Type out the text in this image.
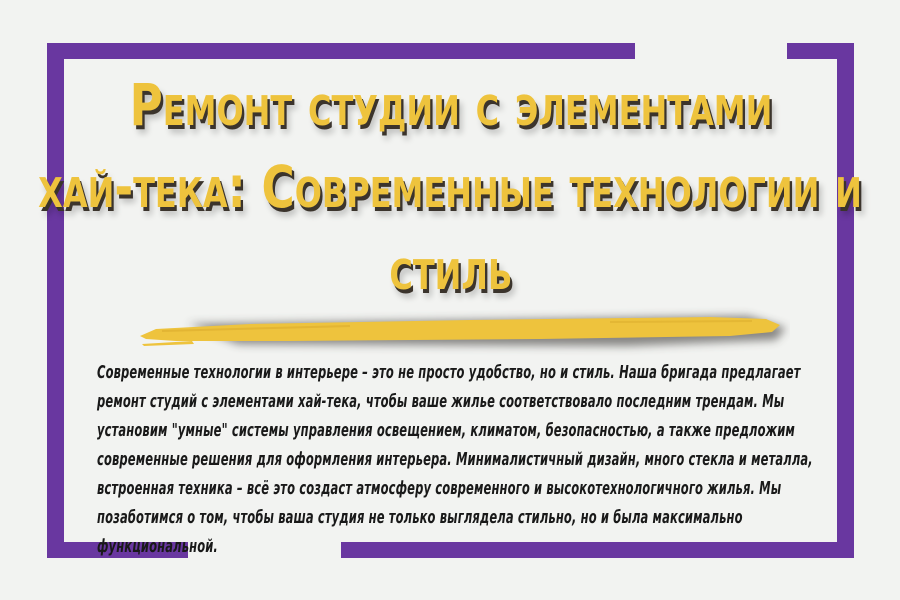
Ремонт студии с элементами
хай-тека: Современные технологии и
стиль

Современные технологии в интерьере – это не просто удобство, но и стиль. Наша бригада предлагает ремонт студий с элементами хай-тека, чтобы ваше жилье соответствовало последним трендам. Мы установим "умные" системы управления освещением, климатом, безопасностью, а также предложим современные решения для оформления интерьера. Минималистичный дизайн, много стекла и металла, встроенная техника – всё это создаст атмосферу современного и высокотехнологичного жилья. Мы позаботимся о том, чтобы ваша студия не только выглядела стильно, но и была максимально функциональной.
